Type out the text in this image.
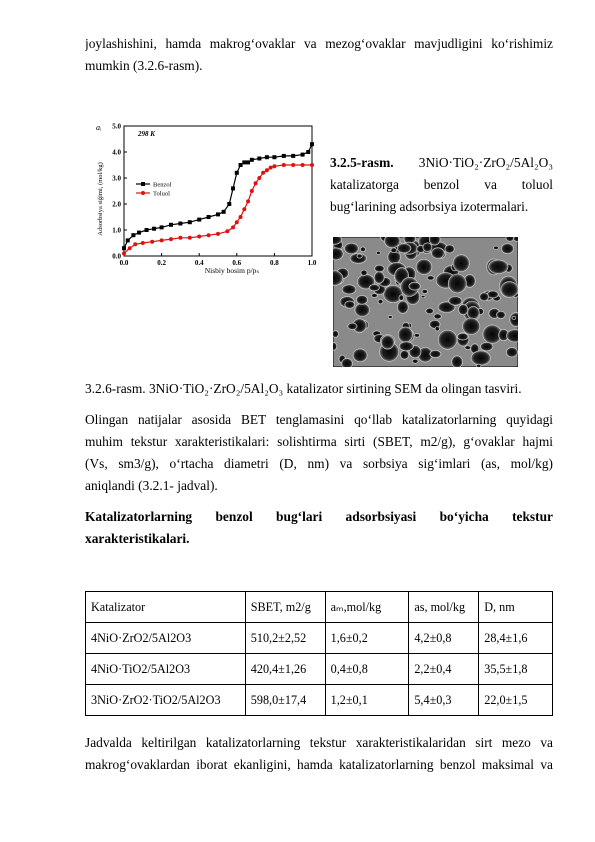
joylashishini, hamda makrog‘ovaklar va mezog‘ovaklar mavjudligini ko‘rishimiz
mumkin (3.2.6-rasm).
0.0	0.2	0.4	0.6	0.8	1.0
0.0
1.0
2.0
3.0
4.0
5.0
Nisbiy bosim p/pₛ
Adsorbsiya siğimi, (mol/kg)
aᵢ
298 K
Benzol
Toluol
3.2.5-rasm. 3NiO·TiO₂·ZrO₂/5Al₂O₃
katalizatorga benzol va toluol
bug‘larining adsorbsiya izotermalari.
3.2.6-rasm. 3NiO·TiO₂·ZrO₂/5Al₂O₃ katalizator sirtining SEM da olingan tasviri.
Olingan natijalar asosida BET tenglamasini qo‘llab katalizatorlarning quyidagi
muhim tekstur xarakteristikalari: solishtirma sirti (SBET, m2/g), g‘ovaklar hajmi
(Vs, sm3/g), o‘rtacha diametri (D, nm) va sorbsiya sig‘imlari (as, mol/kg)
aniqlandi (3.2.1- jadval).
Katalizatorlarning benzol bug‘lari adsorbsiyasi bo‘yicha tekstur
xarakteristikalari.
Katalizator	SBET, m2/g	aₘ,mol/kg	as, mol/kg	D, nm
4NiO·ZrO2/5Al2O3	510,2±2,52	1,6±0,2	4,2±0,8	28,4±1,6
4NiO·TiO2/5Al2O3	420,4±1,26	0,4±0,8	2,2±0,4	35,5±1,8
3NiO·ZrO2·TiO2/5Al2O3	598,0±17,4	1,2±0,1	5,4±0,3	22,0±1,5
Jadvalda keltirilgan katalizatorlarning tekstur xarakteristikalaridan sirt mezo va
makrog‘ovaklardan iborat ekanligini, hamda katalizatorlarning benzol maksimal va
